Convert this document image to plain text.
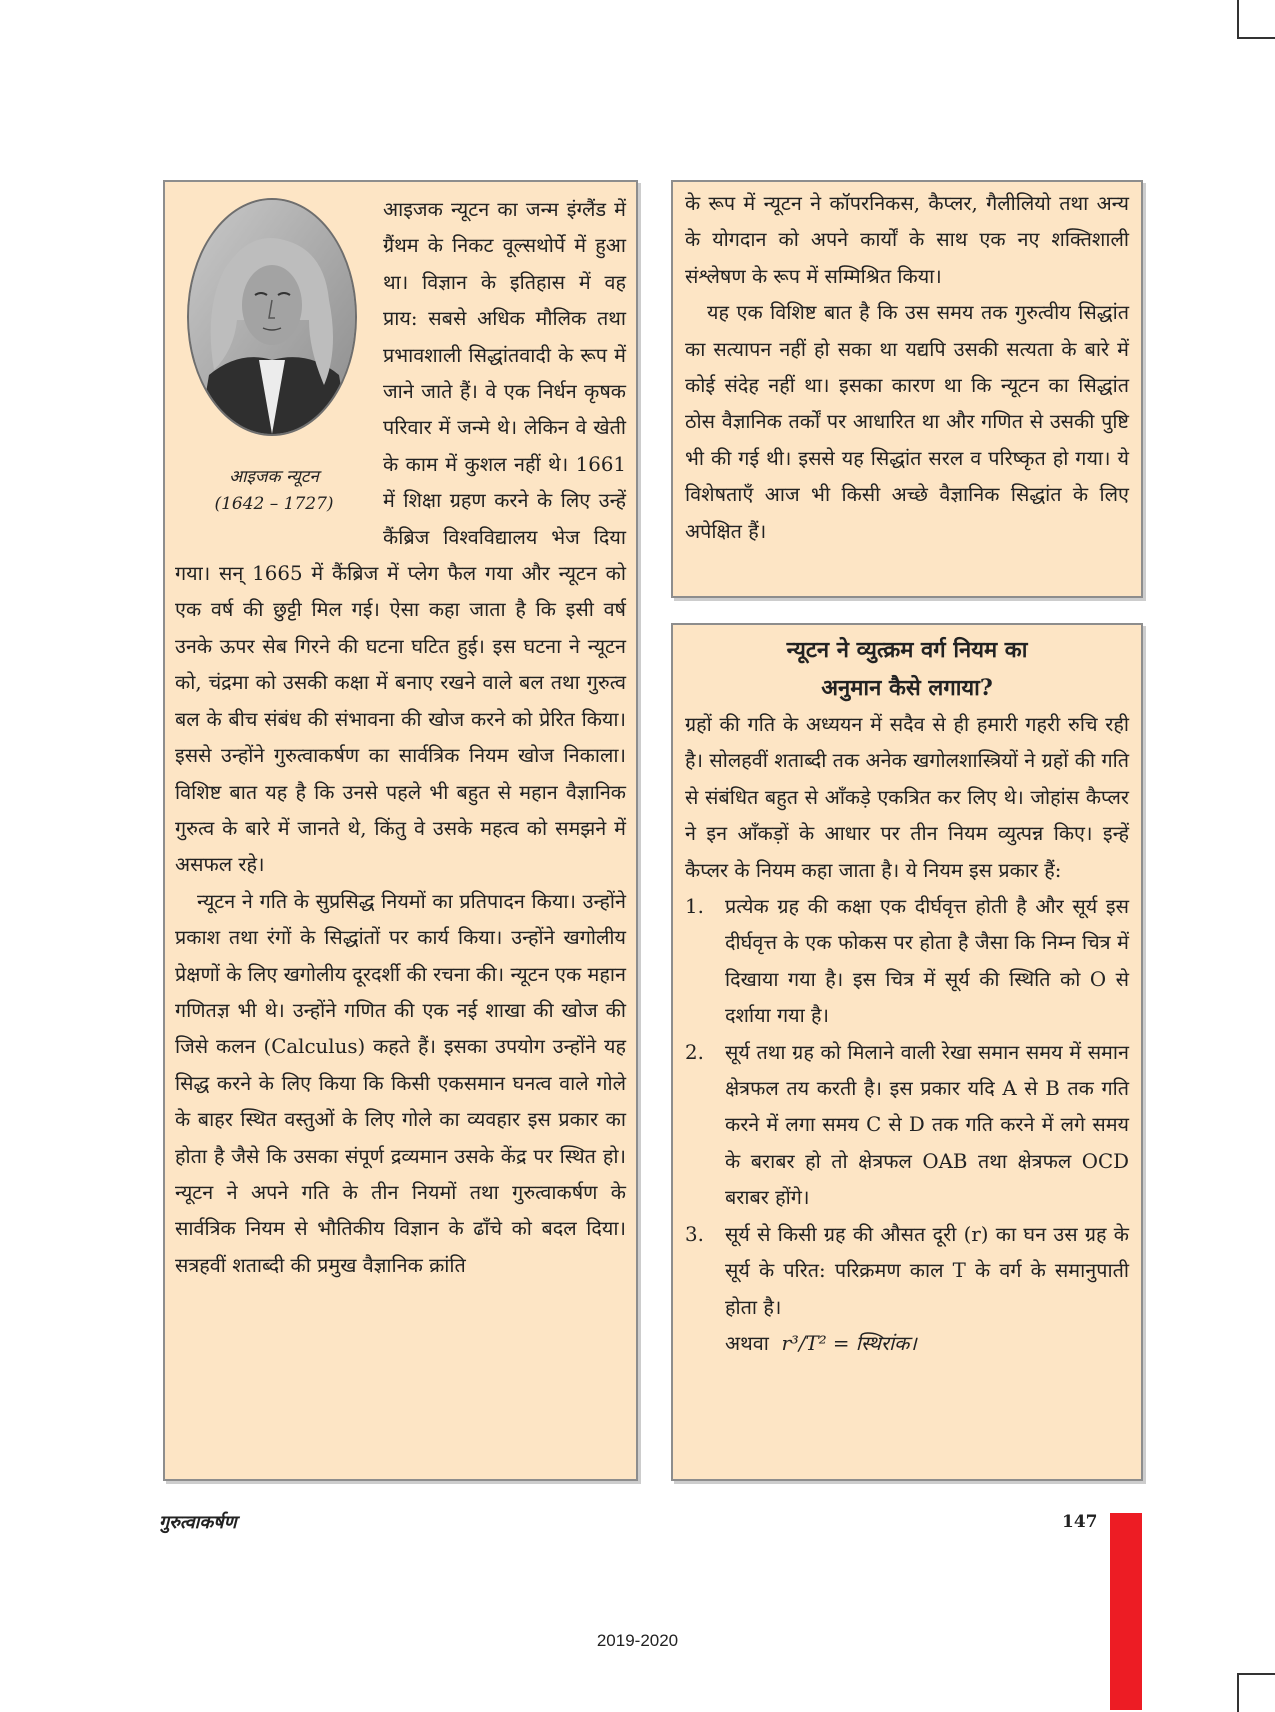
आइजक न्यूटन
(1642 – 1727)

आइजक न्यूटन का जन्म इंग्लैंड में ग्रैंथम के निकट वूल्सथोर्पे में हुआ था। विज्ञान के इतिहास में वह प्राय: सबसे अधिक मौलिक तथा प्रभावशाली सिद्धांतवादी के रूप में जाने जाते हैं। वे एक निर्धन कृषक परिवार में जन्मे थे। लेकिन वे खेती के काम में कुशल नहीं थे। 1661 में शिक्षा ग्रहण करने के लिए उन्हें कैंब्रिज विश्वविद्यालय भेज दिया गया। सन् 1665 में कैंब्रिज में प्लेग फैल गया और न्यूटन को एक वर्ष की छुट्टी मिल गई। ऐसा कहा जाता है कि इसी वर्ष उनके ऊपर सेब गिरने की घटना घटित हुई। इस घटना ने न्यूटन को, चंद्रमा को उसकी कक्षा में बनाए रखने वाले बल तथा गुरुत्व बल के बीच संबंध की संभावना की खोज करने को प्रेरित किया। इससे उन्होंने गुरुत्वाकर्षण का सार्वत्रिक नियम खोज निकाला। विशिष्ट बात यह है कि उनसे पहले भी बहुत से महान वैज्ञानिक गुरुत्व के बारे में जानते थे, किंतु वे उसके महत्व को समझने में असफल रहे।

न्यूटन ने गति के सुप्रसिद्ध नियमों का प्रतिपादन किया। उन्होंने प्रकाश तथा रंगों के सिद्धांतों पर कार्य किया। उन्होंने खगोलीय प्रेक्षणों के लिए खगोलीय दूरदर्शी की रचना की। न्यूटन एक महान गणितज्ञ भी थे। उन्होंने गणित की एक नई शाखा की खोज की जिसे कलन (Calculus) कहते हैं। इसका उपयोग उन्होंने यह सिद्ध करने के लिए किया कि किसी एकसमान घनत्व वाले गोले के बाहर स्थित वस्तुओं के लिए गोले का व्यवहार इस प्रकार का होता है जैसे कि उसका संपूर्ण द्रव्यमान उसके केंद्र पर स्थित हो। न्यूटन ने अपने गति के तीन नियमों तथा गुरुत्वाकर्षण के सार्वत्रिक नियम से भौतिकीय विज्ञान के ढाँचे को बदल दिया। सत्रहवीं शताब्दी की प्रमुख वैज्ञानिक क्रांति

के रूप में न्यूटन ने कॉपरनिकस, कैप्लर, गैलीलियो तथा अन्य के योगदान को अपने कार्यों के साथ एक नए शक्तिशाली संश्लेषण के रूप में सम्मिश्रित किया।

यह एक विशिष्ट बात है कि उस समय तक गुरुत्वीय सिद्धांत का सत्यापन नहीं हो सका था यद्यपि उसकी सत्यता के बारे में कोई संदेह नहीं था। इसका कारण था कि न्यूटन का सिद्धांत ठोस वैज्ञानिक तर्कों पर आधारित था और गणित से उसकी पुष्टि भी की गई थी। इससे यह सिद्धांत सरल व परिष्कृत हो गया। ये विशेषताएँ आज भी किसी अच्छे वैज्ञानिक सिद्धांत के लिए अपेक्षित हैं।

न्यूटन ने व्युत्क्रम वर्ग नियम का
अनुमान कैसे लगाया?

ग्रहों की गति के अध्ययन में सदैव से ही हमारी गहरी रुचि रही है। सोलहवीं शताब्दी तक अनेक खगोलशास्त्रियों ने ग्रहों की गति से संबंधित बहुत से आँकड़े एकत्रित कर लिए थे। जोहांस कैप्लर ने इन आँकड़ों के आधार पर तीन नियम व्युत्पन्न किए। इन्हें कैप्लर के नियम कहा जाता है। ये नियम इस प्रकार हैं:

1. प्रत्येक ग्रह की कक्षा एक दीर्घवृत्त होती है और सूर्य इस दीर्घवृत्त के एक फोकस पर होता है जैसा कि निम्न चित्र में दिखाया गया है। इस चित्र में सूर्य की स्थिति को O से दर्शाया गया है।
2. सूर्य तथा ग्रह को मिलाने वाली रेखा समान समय में समान क्षेत्रफल तय करती है। इस प्रकार यदि A से B तक गति करने में लगा समय C से D तक गति करने में लगे समय के बराबर हो तो क्षेत्रफल OAB तथा क्षेत्रफल OCD बराबर होंगे।
3. सूर्य से किसी ग्रह की औसत दूरी (r) का घन उस ग्रह के सूर्य के परित: परिक्रमण काल T के वर्ग के समानुपाती होता है।
अथवा r³/T² = स्थिरांक।
गुरुत्वाकर्षण	147
2019-2020
